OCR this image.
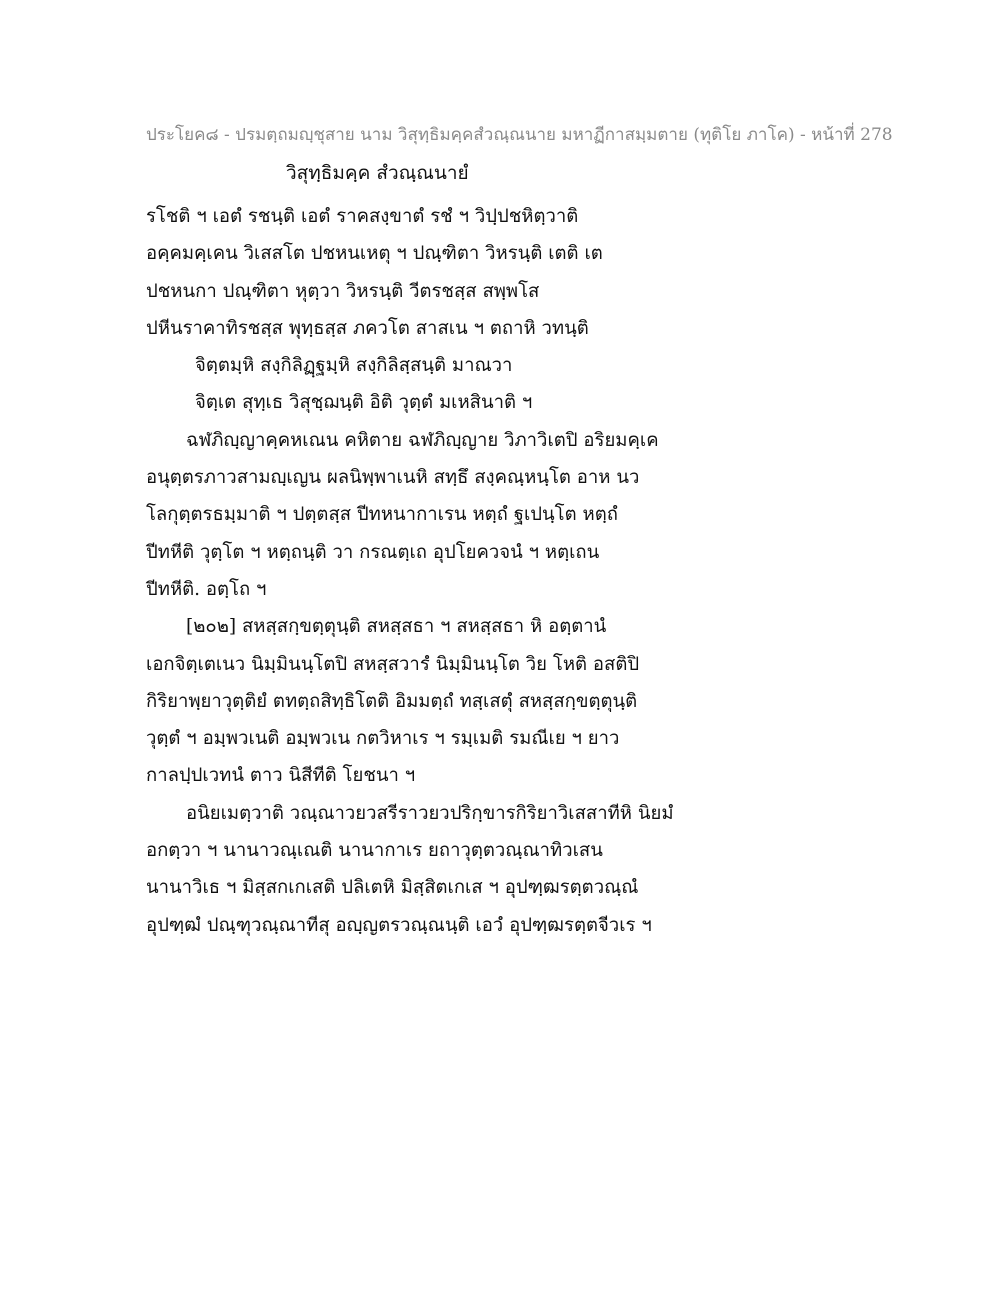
ประโยค๘ - ปรมตฺถมญฺชุสาย นาม วิสุทฺธิมคฺคสํวณฺณนาย มหาฏีกาสมฺมตาย (ทุติโย ภาโค) - หน้าที่ 278
วิสุทฺธิมคฺค สํวณฺณนายํ
รโชติ ฯ เอตํ รชนฺติ เอตํ ราคสงฺขาตํ รชํ ฯ วิปฺปชหิตฺวาติ
อคฺคมคฺเคน วิเสสโต ปชหนเหตุ ฯ ปณฺฑิตา วิหรนฺติ เตติ เต
ปชหนกา ปณฺฑิตา หุตฺวา วิหรนฺติ วีตรชสฺส สพฺพโส
ปหีนราคาทิรชสฺส พุทฺธสฺส ภควโต สาสเน ฯ ตถาหิ วทนฺติ
จิตฺตมฺหิ สงฺกิลิฏฺฐมฺหิ สงฺกิลิสฺสนฺติ มาณวา
จิตฺเต สุทฺเธ วิสุชฺฌนฺติ อิติ วุตฺตํ มเหสินาติ ฯ
ฉฬภิญฺญาคฺคหเณน คหิตาย ฉฬภิญฺญาย วิภาวิเตปิ อริยมคฺเค
อนุตฺตรภาวสามญฺเญน ผลนิพฺพาเนหิ สทฺธึ สงฺคณฺหนฺโต อาห นว
โลกุตฺตรธมฺมาติ ฯ ปตฺตสฺส ปีทหนากาเรน หตฺถํ ฐเปนฺโต หตฺถํ
ปีทหีติ วุตฺโต ฯ หตฺถนฺติ วา กรณตฺเถ อุปโยควจนํ ฯ หตฺเถน
ปีทหีติ. อตฺโถ ฯ
[๒๐๒] สหสฺสกฺขตฺตุนฺติ สหสฺสธา ฯ สหสฺสธา หิ อตฺตานํ
เอกจิตฺเตเนว นิมฺมินนฺโตปิ สหสฺสวารํ นิมฺมินนฺโต วิย โหติ อสติปิ
กิริยาพฺยาวุตฺติยํ ตทตฺถสิทฺธิโตติ อิมมตฺถํ ทสฺเสตุํ สหสฺสกฺขตฺตุนฺติ
วุตฺตํ ฯ อมฺพวเนติ อมฺพวเน กตวิหาเร ฯ รมฺเมติ รมณีเย ฯ ยาว
กาลปฺปเวทนํ ตาว นิสีทีติ โยชนา ฯ
อนิยเมตฺวาติ วณฺณาวยวสรีราวยวปริกฺขารกิริยาวิเสสาทีหิ นิยมํ
อกตฺวา ฯ นานาวณฺเณติ นานากาเร ยถาวุตฺตวณฺณาทิวเสน
นานาวิเธ ฯ มิสฺสกเกเสติ ปลิเตหิ มิสฺสิตเกเส ฯ อุปฑฺฒรตฺตวณฺณํ
อุปฑฺฒํ ปณฺฑุวณฺณาทีสุ อญฺญตรวณฺณนฺติ เอวํ อุปฑฺฒรตฺตจีวเร ฯ
